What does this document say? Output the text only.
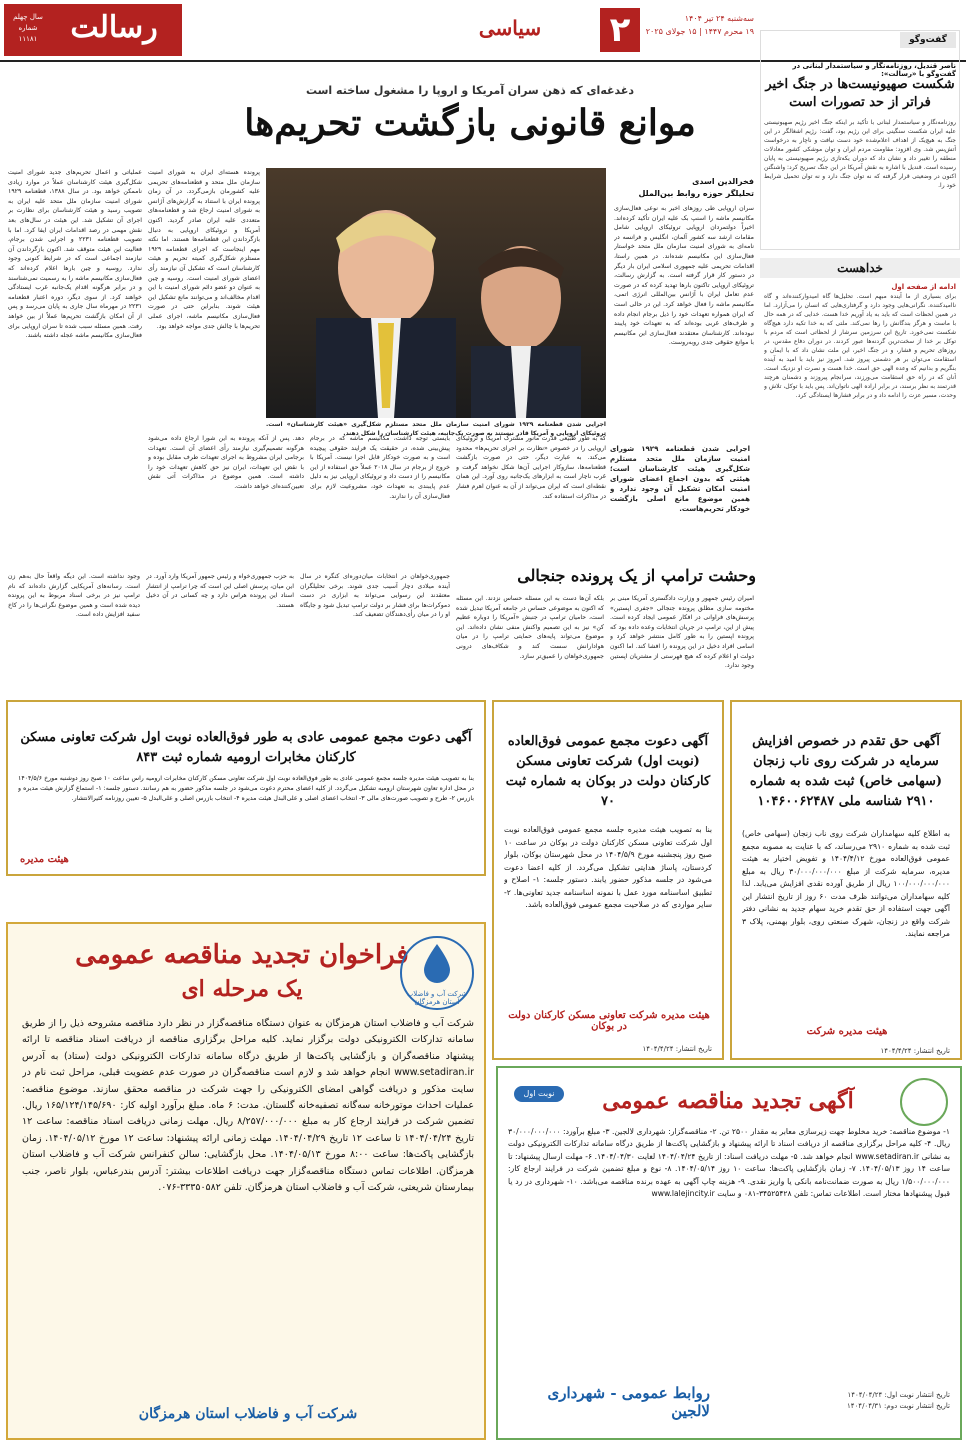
رسالت
سال چهلم
شماره ۱۱۱۸۱	سیاسی	۲	سه‌شنبه ۲۴ تیر ۱۴۰۴
۱۹ محرم ۱۴۴۷ | ۱۵ جولای ۲۰۲۵
گفت‌وگو
ناصر قندیل، روزنامه‌نگار و سیاستمدار لبنانی در گفت‌وگو با «رسالت»:
شکست صهیونیست‌ها در جنگ اخیر فراتر از حد تصورات است
روزنامه‌نگار و سیاستمدار لبنانی با تأکید بر اینکه جنگ اخیر رژیم صهیونیستی علیه ایران شکست سنگینی برای این رژیم بود، گفت: رژیم اشغالگر در این جنگ به هیچ‌یک از اهداف اعلام‌شده خود دست نیافت و ناچار به درخواست آتش‌بس شد. وی افزود: مقاومت مردم ایران و توان موشکی کشور معادلات منطقه را تغییر داد و نشان داد که دوران یکه‌تازی رژیم صهیونیستی به پایان رسیده است. قندیل با اشاره به نقش آمریکا در این جنگ تصریح کرد: واشنگتن اکنون در وضعیتی قرار گرفته که نه توان جنگ دارد و نه توان تحمیل شرایط خود را.
خداهست
ادامه از صفحه اول
برای بسیاری از ما آینده مبهم است. تحلیل‌ها گاه امیدوارکننده‌اند و گاه ناامیدکننده. نگرانی‌هایی وجود دارد و گرفتاری‌هایی که انسان را می‌آزارد. اما در همین لحظات است که باید به یاد آوریم خدا هست. خدایی که در همه حال با ماست و هرگز بندگانش را رها نمی‌کند. ملتی که به خدا تکیه دارد هیچ‌گاه شکست نمی‌خورد. تاریخ این سرزمین سرشار از لحظاتی است که مردم با توکل بر خدا از سخت‌ترین گردنه‌ها عبور کردند. در دوران دفاع مقدس، در روزهای تحریم و فشار، و در جنگ اخیر، این ملت نشان داد که با ایمان و استقامت می‌توان بر هر دشمنی پیروز شد. امروز نیز باید با امید به آینده بنگریم و بدانیم که وعده الهی حق است. خدا هست و نصرت او نزدیک است. آنان که در راه حق استقامت می‌ورزند، سرانجام پیروزند و دشمنان هرچند قدرتمند به نظر برسند، در برابر اراده الهی ناتوان‌اند. پس باید با توکل، تلاش و وحدت، مسیر عزت را ادامه داد و در برابر فشارها ایستادگی کرد.
دغدغه‌ای که ذهن سران آمریکا و اروپا را مشغول ساخته است
موانع قانونی بازگشت تحریم‌ها
اجرایی شدن قطعنامه ۱۹۲۹ شورای امنیت سازمان ملل متحد مستلزم شکل‌گیری «هیئت کارشناسان» است. تروئیکای اروپایی و آمریکا قادر نیستند به صورت یک‌جانبه، هیئت کارشناسان را شکل دهند.
فخرالدین اسدی
تحلیلگر حوزه روابط بین‌الملل
سران اروپایی طی روزهای اخیر به نوعی فعال‌سازی مکانیسم ماشه را اسنپ بک علیه ایران تأکید کرده‌اند. اخیراً دولتمردان اروپایی تروئیکای اروپایی شامل مقامات ارشد سه کشور آلمان، انگلیس و فرانسه در نامه‌ای به شورای امنیت سازمان ملل متحد خواستار فعال‌سازی این مکانیسم شده‌اند. در همین راستا، اقدامات تحریمی علیه جمهوری اسلامی ایران بار دیگر در دستور کار قرار گرفته است. به گزارش رسالت، تروئیکای اروپایی تاکنون بارها تهدید کرده که در صورت عدم تعامل ایران با آژانس بین‌المللی انرژی اتمی، مکانیسم ماشه را فعال خواهد کرد. این در حالی است که ایران همواره تعهدات خود را ذیل برجام انجام داده و طرف‌های غربی بوده‌اند که به تعهدات خود پایبند نبوده‌اند. کارشناسان معتقدند فعال‌سازی این مکانیسم با موانع حقوقی جدی روبه‌روست.
اجرایی شدن قطعنامه ۱۹۲۹ شورای امنیت سازمان ملل متحد مستلزم شکل‌گیری هیئت کارشناسان است؛ هیئتی که بدون اجماع اعضای شورای امنیت امکان تشکیل آن وجود ندارد و همین موضوع مانع اصلی بازگشت خودکار تحریم‌هاست.
پرونده هسته‌ای ایران به شورای امنیت سازمان ملل متحد و قطعنامه‌های تحریمی علیه کشورمان بازمی‌گردد. در آن زمان پرونده ایران با استناد به گزارش‌های آژانس به شورای امنیت ارجاع شد و قطعنامه‌های متعددی علیه ایران صادر گردید. اکنون آمریکا و تروئیکای اروپایی به دنبال بازگرداندن این قطعنامه‌ها هستند. اما نکته مهم اینجاست که اجرای قطعنامه ۱۹۲۹ مستلزم شکل‌گیری کمیته تحریم و هیئت کارشناسان است که تشکیل آن نیازمند رأی اعضای شورای امنیت است. روسیه و چین به عنوان دو عضو دائم شورای امنیت با این اقدام مخالف‌اند و می‌توانند مانع تشکیل این هیئت شوند. بنابراین حتی در صورت فعال‌سازی مکانیسم ماشه، اجرای عملی تحریم‌ها با چالش جدی مواجه خواهد بود.
عملیاتی و اعمال تحریم‌های جدید شورای امنیت شکل‌گیری هیئت کارشناسان عملاً در موارد زیادی ناممکن خواهد بود. در سال ۱۳۸۸، قطعنامه ۱۹۲۹ شورای امنیت سازمان ملل متحد علیه ایران به تصویب رسید و هیئت کارشناسان برای نظارت بر اجرای آن تشکیل شد. این هیئت در سال‌های بعد نقش مهمی در رصد اقدامات ایران ایفا کرد. اما با تصویب قطعنامه ۲۲۳۱ و اجرایی شدن برجام، فعالیت این هیئت متوقف شد. اکنون بازگرداندن آن نیازمند اجماعی است که در شرایط کنونی وجود ندارد. روسیه و چین بارها اعلام کرده‌اند که فعال‌سازی مکانیسم ماشه را به رسمیت نمی‌شناسند و در برابر هرگونه اقدام یک‌جانبه غرب ایستادگی خواهند کرد. از سوی دیگر، دوره اعتبار قطعنامه ۲۲۳۱ در مهرماه سال جاری به پایان می‌رسد و پس از آن امکان بازگشت تحریم‌ها عملاً از بین خواهد رفت. همین مسئله سبب شده تا سران اروپایی برای فعال‌سازی مکانیسم ماشه عجله داشته باشند.
که به طور طبیعی قدرت مانور مشترک آمریکا و تروئیکای اروپایی را در خصوص «نظارت بر اجرای تحریم‌ها» محدود می‌کند. به عبارت دیگر، حتی در صورت بازگشت قطعنامه‌ها، سازوکار اجرایی آن‌ها شکل نخواهد گرفت و غرب ناچار است به ابزارهای یک‌جانبه روی آورد. این همان نقطه‌ای است که ایران می‌تواند از آن به عنوان اهرم فشار در مذاکرات استفاده کند.
بایستی توجه داشت، مکانیسم ماشه که در برجام پیش‌بینی شده، در حقیقت یک فرایند حقوقی پیچیده است و به صورت خودکار قابل اجرا نیست. آمریکا با خروج از برجام در سال ۲۰۱۸ عملاً حق استفاده از این مکانیسم را از دست داد و تروئیکای اروپایی نیز به دلیل عدم پایبندی به تعهدات خود، مشروعیت لازم برای فعال‌سازی آن را ندارند.
دهد. پس از آنکه پرونده به این شورا ارجاع داده می‌شود هرگونه تصمیم‌گیری نیازمند رأی اعضای آن است. تعهدات برجامی ایران مشروط به اجرای تعهدات طرف مقابل بوده و با نقض این تعهدات، ایران نیز حق کاهش تعهدات خود را داشته است. همین موضوع در مذاکرات آتی نقش تعیین‌کننده‌ای خواهد داشت.
وحشت ترامپ از یک پرونده جنجالی
امیران رئیس جمهور و وزارت دادگستری آمریکا مبنی بر مختومه سازی مطلق پرونده جنجالی «جفری اپستین» پرسش‌های فراوانی در افکار عمومی ایجاد کرده است. پیش از این، ترامپ در جریان انتخابات وعده داده بود که پرونده اپستین را به طور کامل منتشر خواهد کرد و اسامی افراد دخیل در این پرونده را افشا کند. اما اکنون دولت او اعلام کرده که هیچ فهرستی از مشتریان اپستین وجود ندارد.
بلکه آن‌ها دست به این مسئله حساس نزدند. این مسئله که اکنون به موضوعی حساس در جامعه آمریکا تبدیل شده است، حامیان ترامپ در جنبش «آمریکا را دوباره عظیم کن» نیز به این تصمیم واکنش منفی نشان داده‌اند. این موضوع می‌تواند پایه‌های حمایتی ترامپ را در میان هوادارانش سست کند و شکاف‌های درونی جمهوری‌خواهان را عمیق‌تر سازد.
جمهوری‌خواهان در انتخابات میان‌دوره‌ای کنگره در سال آینده میلادی دچار آسیب جدی شوند. برخی تحلیلگران معتقدند این رسوایی می‌تواند به ابزاری در دست دموکرات‌ها برای فشار بر دولت ترامپ تبدیل شود و جایگاه او را در میان رأی‌دهندگان تضعیف کند.
به حزب جمهوری‌خواه و رئیس جمهور آمریکا وارد آورد. در این میان، پرسش اصلی این است که چرا ترامپ از انتشار اسناد این پرونده هراس دارد و چه کسانی در آن دخیل هستند.
وجود نداشته است. این دیگه واقعاً حال به‌هم زن است. رسانه‌های آمریکایی گزارش داده‌اند که نام ترامپ نیز در برخی اسناد مربوط به این پرونده دیده شده است و همین موضوع نگرانی‌ها را در کاخ سفید افزایش داده است.
آگهی حق تقدم در خصوص افزایش سرمایه در شرکت روی ناب زنجان (سهامی خاص) ثبت شده به شماره ۲۹۱۰ شناسه ملی ۱۰۴۶۰۰۶۲۴۸۷
به اطلاع کلیه سهامداران شرکت روی ناب زنجان (سهامی خاص) ثبت شده به شماره ۲۹۱۰ می‌رساند، که با عنایت به مصوبه مجمع عمومی فوق‌العاده مورخ ۱۴۰۴/۴/۱۲ و تفویض اختیار به هیئت مدیره، سرمایه شرکت از مبلغ ۳۰/۰۰۰/۰۰۰/۰۰۰ ریال به مبلغ ۱۰۰/۰۰۰/۰۰۰/۰۰۰ ریال از طریق آورده نقدی افزایش می‌یابد. لذا کلیه سهامداران می‌توانند ظرف مدت ۶۰ روز از تاریخ انتشار این آگهی جهت استفاده از حق تقدم خرید سهام جدید به نشانی دفتر شرکت واقع در زنجان، شهرک صنعتی روی، بلوار بهمنی، پلاک ۳ مراجعه نمایند.
هیئت مدیره شرکت
تاریخ انتشار: ۱۴۰۴/۴/۲۴
آگهی دعوت مجمع عمومی فوق‌العاده (نوبت اول) شرکت تعاونی مسکن کارکنان دولت در بوکان به شماره ثبت ۷۰
بنا به تصویب هیئت مدیره جلسه مجمع عمومی فوق‌العاده نوبت اول شرکت تعاونی مسکن کارکنان دولت در بوکان در ساعت ۱۰ صبح روز پنجشنبه مورخ ۱۴۰۴/۵/۹ در محل شهرستان بوکان، بلوار کردستان، پاساژ هدایتی تشکیل می‌گردد. از کلیه اعضا دعوت می‌شود در جلسه مذکور حضور یابند. دستور جلسه: ۱- اصلاح و تطبیق اساسنامه مورد عمل با نمونه اساسنامه جدید تعاونی‌ها. ۲- سایر مواردی که در صلاحیت مجمع عمومی فوق‌العاده باشد.
هیئت مدیره شرکت تعاونی مسکن کارکنان دولت در بوکان
تاریخ انتشار: ۱۴۰۴/۴/۲۴
آگهی دعوت مجمع عمومی عادی به طور فوق‌العاده نوبت اول شرکت تعاونی مسکن کارکنان مخابرات ارومیه شماره ثبت ۸۴۳
بنا به تصویب هیئت مدیره جلسه مجمع عمومی عادی به طور فوق‌العاده نوبت اول شرکت تعاونی مسکن کارکنان مخابرات ارومیه راس ساعت ۱۰ صبح روز دوشنبه مورخ ۱۴۰۴/۵/۶ در محل اداره تعاون شهرستان ارومیه تشکیل می‌گردد. از کلیه اعضای محترم دعوت می‌شود در جلسه مذکور حضور به هم رسانند. دستور جلسه: ۱- استماع گزارش هیئت مدیره و بازرس ۲- طرح و تصویب صورت‌های مالی ۳- انتخاب اعضای اصلی و علی‌البدل هیئت مدیره ۴- انتخاب بازرس اصلی و علی‌البدل ۵- تعیین روزنامه کثیرالانتشار.
هیئت مدیره
فراخوان تجدید مناقصه عمومی
یک مرحله ای	شرکت آب و فاضلاب استان هرمزگان
شرکت آب و فاضلاب استان هرمزگان به عنوان دستگاه مناقصه‌گزار در نظر دارد مناقصه مشروحه ذیل را از طریق سامانه تدارکات الکترونیکی دولت برگزار نماید. کلیه مراحل برگزاری مناقصه از دریافت اسناد مناقصه تا ارائه پیشنهاد مناقصه‌گران و بازگشایی پاکت‌ها از طریق درگاه سامانه تدارکات الکترونیکی دولت (ستاد) به آدرس www.setadiran.ir انجام خواهد شد و لازم است مناقصه‌گران در صورت عدم عضویت قبلی، مراحل ثبت نام در سایت مذکور و دریافت گواهی امضای الکترونیکی را جهت شرکت در مناقصه محقق سازند. موضوع مناقصه: عملیات احداث موتورخانه سه‌گانه تصفیه‌خانه گلستان. مدت: ۶ ماه. مبلغ برآورد اولیه کار: ۱۶۵/۱۲۴/۱۴۵/۶۹۰ ریال. تضمین شرکت در فرایند ارجاع کار به مبلغ ۸/۲۵۷/۰۰۰/۰۰۰ ریال. مهلت زمانی دریافت اسناد مناقصه: ساعت ۱۲ تاریخ ۱۴۰۴/۰۴/۲۴ تا ساعت ۱۲ تاریخ ۱۴۰۴/۰۴/۲۹. مهلت زمانی ارائه پیشنهاد: ساعت ۱۲ مورخ ۱۴۰۴/۰۵/۱۲. زمان بازگشایی پاکت‌ها: ساعت ۸:۰۰ مورخ ۱۴۰۴/۰۵/۱۳. محل بازگشایی: سالن کنفرانس شرکت آب و فاضلاب استان هرمزگان. اطلاعات تماس دستگاه مناقصه‌گزار جهت دریافت اطلاعات بیشتر: آدرس بندرعباس، بلوار ناصر، جنب بیمارستان شریعتی، شرکت آب و فاضلاب استان هرمزگان. تلفن ۳۳۳۵۰۵۸۲-۰۷۶.
شرکت آب و فاضلاب استان هرمزگان
نوبت اول	آگهی تجدید مناقصه عمومی
۱- موضوع مناقصه: خرید مخلوط جهت زیرسازی معابر به مقدار ۲۵۰۰ تن. ۲- مناقصه‌گزار: شهرداری لالجین. ۳- مبلغ برآورد: ۳۰/۰۰۰/۰۰۰/۰۰۰ ریال. ۴- کلیه مراحل برگزاری مناقصه از دریافت اسناد تا ارائه پیشنهاد و بازگشایی پاکت‌ها از طریق درگاه سامانه تدارکات الکترونیکی دولت به نشانی www.setadiran.ir انجام خواهد شد. ۵- مهلت دریافت اسناد: از تاریخ ۱۴۰۴/۰۴/۲۴ لغایت ۱۴۰۴/۰۴/۳۰. ۶- مهلت ارسال پیشنهاد: تا ساعت ۱۴ روز ۱۴۰۴/۰۵/۱۳. ۷- زمان بازگشایی پاکت‌ها: ساعت ۱۰ روز ۱۴۰۴/۰۵/۱۴. ۸- نوع و مبلغ تضمین شرکت در فرایند ارجاع کار: ۱/۵۰۰/۰۰۰/۰۰۰ ریال به صورت ضمانت‌نامه بانکی یا واریز نقدی. ۹- هزینه چاپ آگهی به عهده برنده مناقصه می‌باشد. ۱۰- شهرداری در رد یا قبول پیشنهادها مختار است. اطلاعات تماس: تلفن ۳۴۵۲۵۴۲۸-۰۸۱ و سایت www.lalejincity.ir
روابط عمومی - شهرداری لالجین
تاریخ انتشار نوبت اول: ۱۴۰۴/۰۴/۲۴
تاریخ انتشار نوبت دوم: ۱۴۰۴/۰۴/۳۱
